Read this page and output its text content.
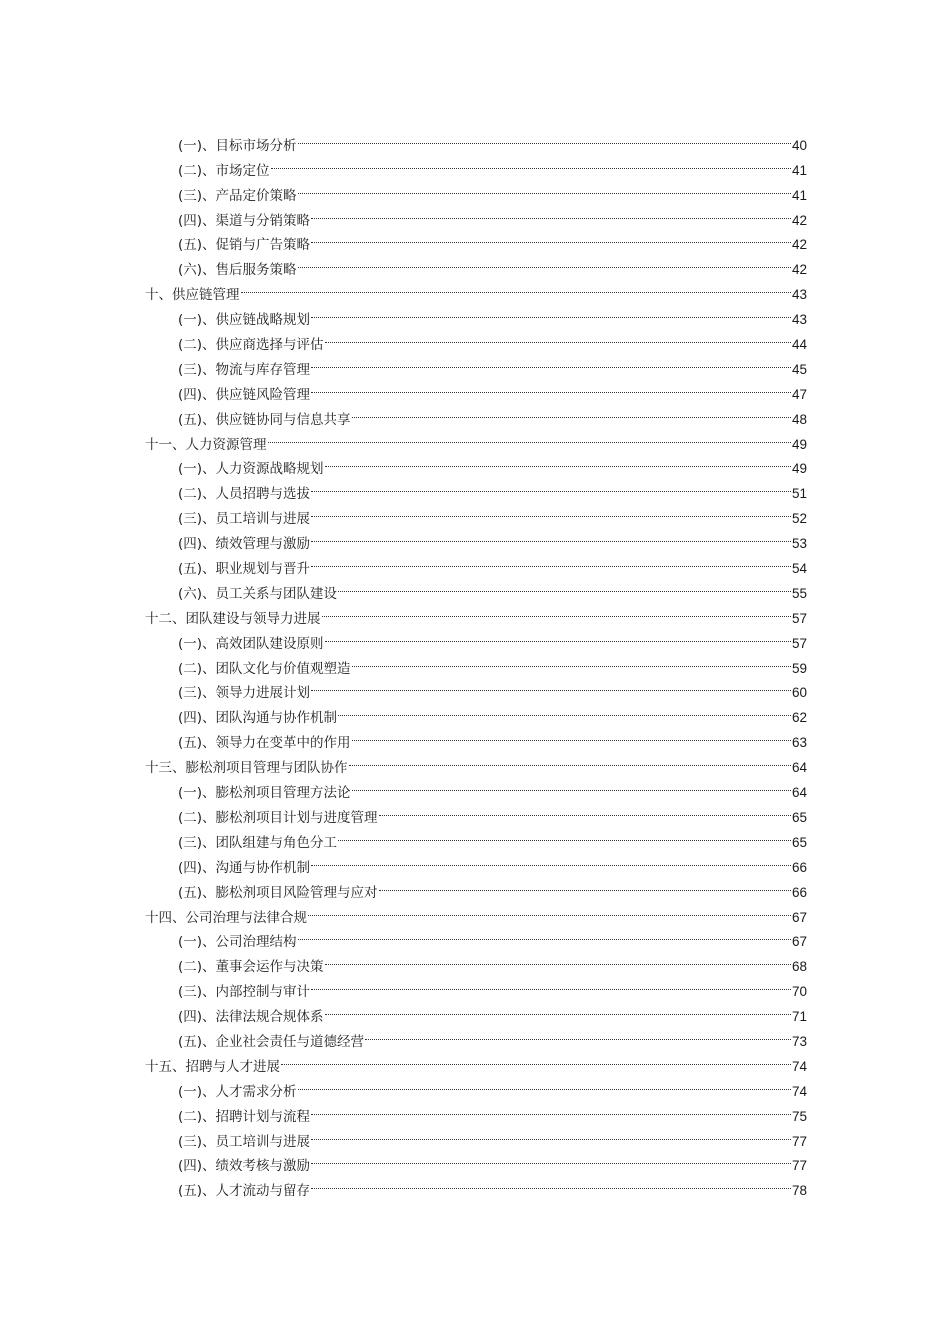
(一)、目标市场分析	40
(二)、市场定位	41
(三)、产品定价策略	41
(四)、渠道与分销策略	42
(五)、促销与广告策略	42
(六)、售后服务策略	42
十、供应链管理	43
(一)、供应链战略规划	43
(二)、供应商选择与评估	44
(三)、物流与库存管理	45
(四)、供应链风险管理	47
(五)、供应链协同与信息共享	48
十一、人力资源管理	49
(一)、人力资源战略规划	49
(二)、人员招聘与选拔	51
(三)、员工培训与进展	52
(四)、绩效管理与激励	53
(五)、职业规划与晋升	54
(六)、员工关系与团队建设	55
十二、团队建设与领导力进展	57
(一)、高效团队建设原则	57
(二)、团队文化与价值观塑造	59
(三)、领导力进展计划	60
(四)、团队沟通与协作机制	62
(五)、领导力在变革中的作用	63
十三、膨松剂项目管理与团队协作	64
(一)、膨松剂项目管理方法论	64
(二)、膨松剂项目计划与进度管理	65
(三)、团队组建与角色分工	65
(四)、沟通与协作机制	66
(五)、膨松剂项目风险管理与应对	66
十四、公司治理与法律合规	67
(一)、公司治理结构	67
(二)、董事会运作与决策	68
(三)、内部控制与审计	70
(四)、法律法规合规体系	71
(五)、企业社会责任与道德经营	73
十五、招聘与人才进展	74
(一)、人才需求分析	74
(二)、招聘计划与流程	75
(三)、员工培训与进展	77
(四)、绩效考核与激励	77
(五)、人才流动与留存	78
